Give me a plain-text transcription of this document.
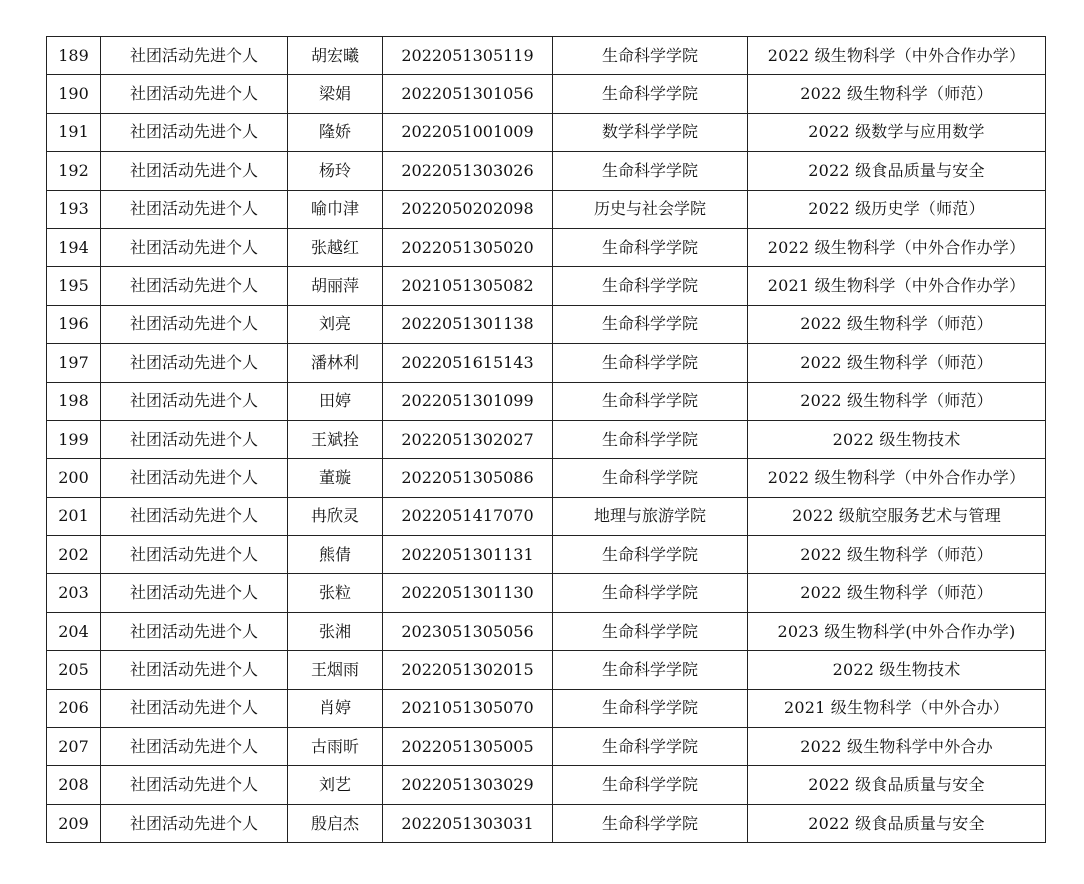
189	社团活动先进个人	胡宏曦	2022051305119	生命科学学院	2022 级生物科学（中外合作办学）
190	社团活动先进个人	梁娟	2022051301056	生命科学学院	2022 级生物科学（师范）
191	社团活动先进个人	隆娇	2022051001009	数学科学学院	2022 级数学与应用数学
192	社团活动先进个人	杨玲	2022051303026	生命科学学院	2022 级食品质量与安全
193	社团活动先进个人	喻巾津	2022050202098	历史与社会学院	2022 级历史学（师范）
194	社团活动先进个人	张越红	2022051305020	生命科学学院	2022 级生物科学（中外合作办学）
195	社团活动先进个人	胡丽萍	2021051305082	生命科学学院	2021 级生物科学（中外合作办学）
196	社团活动先进个人	刘亮	2022051301138	生命科学学院	2022 级生物科学（师范）
197	社团活动先进个人	潘林利	2022051615143	生命科学学院	2022 级生物科学（师范）
198	社团活动先进个人	田婷	2022051301099	生命科学学院	2022 级生物科学（师范）
199	社团活动先进个人	王斌拴	2022051302027	生命科学学院	2022 级生物技术
200	社团活动先进个人	董璇	2022051305086	生命科学学院	2022 级生物科学（中外合作办学）
201	社团活动先进个人	冉欣灵	2022051417070	地理与旅游学院	2022 级航空服务艺术与管理
202	社团活动先进个人	熊倩	2022051301131	生命科学学院	2022 级生物科学（师范）
203	社团活动先进个人	张粒	2022051301130	生命科学学院	2022 级生物科学（师范）
204	社团活动先进个人	张湘	2023051305056	生命科学学院	2023 级生物科学(中外合作办学)
205	社团活动先进个人	王烟雨	2022051302015	生命科学学院	2022 级生物技术
206	社团活动先进个人	肖婷	2021051305070	生命科学学院	2021 级生物科学（中外合办）
207	社团活动先进个人	古雨昕	2022051305005	生命科学学院	2022 级生物科学中外合办
208	社团活动先进个人	刘艺	2022051303029	生命科学学院	2022 级食品质量与安全
209	社团活动先进个人	殷启杰	2022051303031	生命科学学院	2022 级食品质量与安全
